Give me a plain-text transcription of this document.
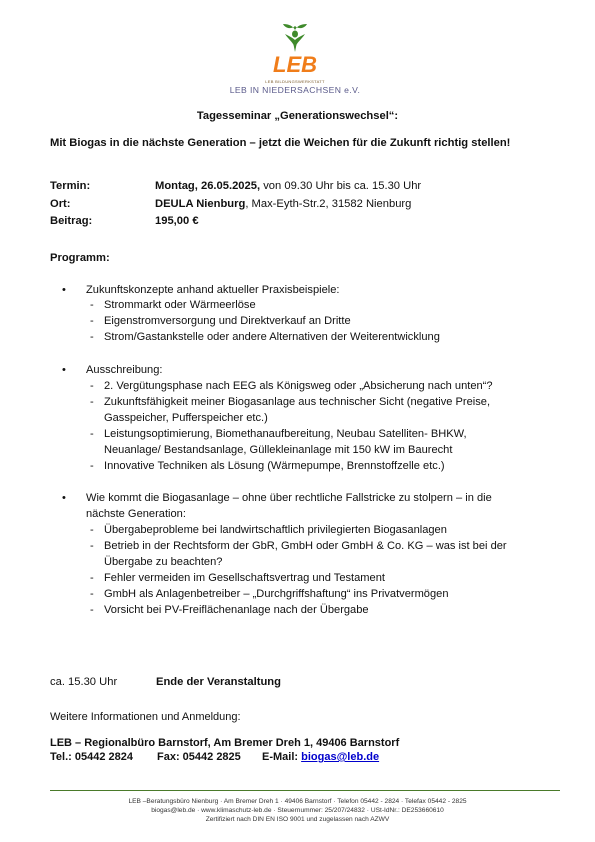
LEB
LEB BILDUNGSWERKSTATT
LEB IN NIEDERSACHSEN e.V.
Tagesseminar „Generationswechsel“:
Mit Biogas in die nächste Generation – jetzt die Weichen für die Zukunft richtig stellen!
Termin:	Montag, 26.05.2025, von 09.30 Uhr bis ca. 15.30 Uhr
Ort:	DEULA Nienburg, Max-Eyth-Str.2, 31582 Nienburg
Beitrag:	195,00 €
Programm:
• Zukunftskonzepte anhand aktueller Praxisbeispiele:
- Strommarkt oder Wärmeerlöse
- Eigenstromversorgung und Direktverkauf an Dritte
- Strom/Gastankstelle oder andere Alternativen der Weiterentwicklung
• Ausschreibung:
- 2. Vergütungsphase nach EEG als Königsweg oder „Absicherung nach unten“?
- Zukunftsfähigkeit meiner Biogasanlage aus technischer Sicht (negative Preise,
Gasspeicher, Pufferspeicher etc.)
- Leistungsoptimierung, Biomethanaufbereitung, Neubau Satelliten- BHKW,
Neuanlage/ Bestandsanlage, Güllekleinanlage mit 150 kW im Baurecht
- Innovative Techniken als Lösung (Wärmepumpe, Brennstoffzelle etc.)
• Wie kommt die Biogasanlage – ohne über rechtliche Fallstricke zu stolpern – in die
nächste Generation:
- Übergabeprobleme bei landwirtschaftlich privilegierten Biogasanlagen
- Betrieb in der Rechtsform der GbR, GmbH oder GmbH & Co. KG – was ist bei der
Übergabe zu beachten?
- Fehler vermeiden im Gesellschaftsvertrag und Testament
- GmbH als Anlagenbetreiber – „Durchgriffshaftung“ ins Privatvermögen
- Vorsicht bei PV-Freiflächenanlage nach der Übergabe
ca. 15.30 Uhr	Ende der Veranstaltung
Weitere Informationen und Anmeldung:
LEB – Regionalbüro Barnstorf, Am Bremer Dreh 1, 49406 Barnstorf
Tel.: 05442 2824 Fax: 05442 2825 E-Mail: biogas@leb.de
LEB –Beratungsbüro Nienburg · Am Bremer Dreh 1 · 49406 Barnstorf · Telefon 05442 - 2824 · Telefax 05442 - 2825
biogas@leb.de · www.klimaschutz-leb.de · Steuernummer: 25/207/24832 · USt-IdNr.: DE253660610
Zertifiziert nach DIN EN ISO 9001 und zugelassen nach AZWV
